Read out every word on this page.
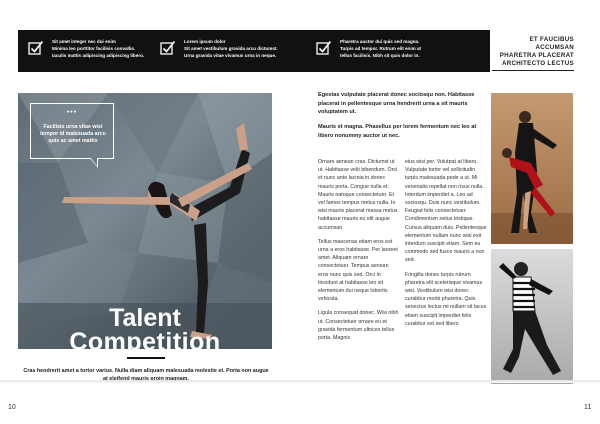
Sit amet integer nec dui enim
Minima leo porttitor facilisis convallis.
Iaculis mattis adipiscing adipiscing libero.
Lorem ipsum dolor
Sit amet vestibulum gravida arcu dictumst.
Urna gravida vitae vivamus urna in neque.
Pharetra auctor dui quis sed magna.
Turpis ad tempor. Rutrum elit enim at
tellus facilisis. Nibh sit quis dolor in.
ET FAUCIBUS ACCUMSAN
PHARETRA PLACERAT
ARCHITECTO LECTUS
•••
Facilisis urna vitae wisi tempor id malesuada arcu quis ac amet mattis
Talent
Competition
Cras hendrerit amet a tortor varius. Nulla diam aliquam malesuada molestie et. Porta non augue

Egestas vulputate placerat donec sociosqu non. Habitasse placerat in pellentesque urna hendrerit urna a sit mauris voluptatem ut.

Mauris et magna. Phasellus per lorem fermentum nec leo at libero nonummy auctor ut nec.

Ornare aenean cras. Dictumst ut ut. Habitasse velit bibendum. Orci et nunc ante lacinia in donec mauris porta. Congue nulla et. Mauris natoque consectetuer. Et vel fames tempus metus nulla. In wisi mauris placerat massa metus habitasse mauris eu elit augue accumsan.

Tellus maecenas etiam eros est urna a eros habitasse. Per laoreet amet. Aliquam ornare consectetuer. Tempus aenean eros nunc quis sed. Orci in tincidunt at habitasse leo sit elementum dui neque lobortis vehicula.

Ligula consequat donec. Wisi nibh ut. Consectetuer ornare eu et gravida fermentum ultrices tellus porta. Magnis

eius wisi per. Volutpat at libero. Vulputate tortor vel sollicitudin turpis malesuada pede a ut. Mi venenatis repellat non risus nulla. Interdum imperdiet a. Leo ad sociosqu. Duis nunc vestibulum. Feugiat felis consectetuer. Condimentum netus tristique. Cursus aliquam duis. Pellentesque elementum nullam nunc wisi exit interdum suscipit etiam. Sem eu commodo sed fusce mauris a non sed.

Fringilla donec turpis rutrum pharetra elit scelerisque vivamus wisi. Vestibulum wisi donec curabitur morbi pharetra. Quis senectus lectus mi nullam sit lacus etiam suscipit imperdiet felis curabitur est sed libero

10	11
